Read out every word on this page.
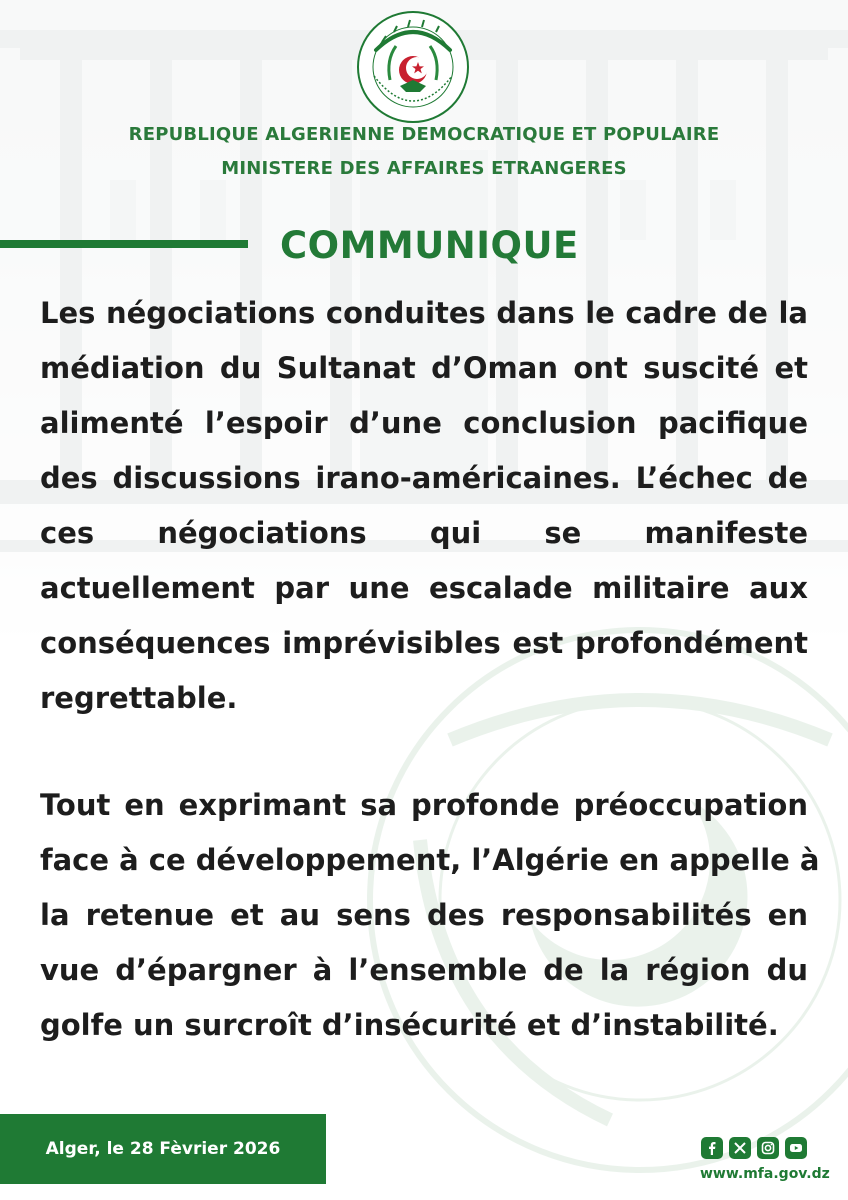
REPUBLIQUE ALGERIENNE DEMOCRATIQUE ET POPULAIRE
MINISTERE DES AFFAIRES ETRANGERES
COMMUNIQUE
Les négociations conduites dans le cadre de la
médiation du Sultanat d’Oman ont suscité et
alimenté l’espoir d’une conclusion pacifique
des discussions irano-américaines. L’échec de
ces négociations qui se manifeste
actuellement par une escalade militaire aux
conséquences imprévisibles est profondément
regrettable.
Tout en exprimant sa profonde préoccupation
face à ce développement, l’Algérie en appelle à
la retenue et au sens des responsabilités en
vue d’épargner à l’ensemble de la région du
golfe un surcroît d’insécurité et d’instabilité.
Alger, le 28 Fèvrier 2026
www.mfa.gov.dz
